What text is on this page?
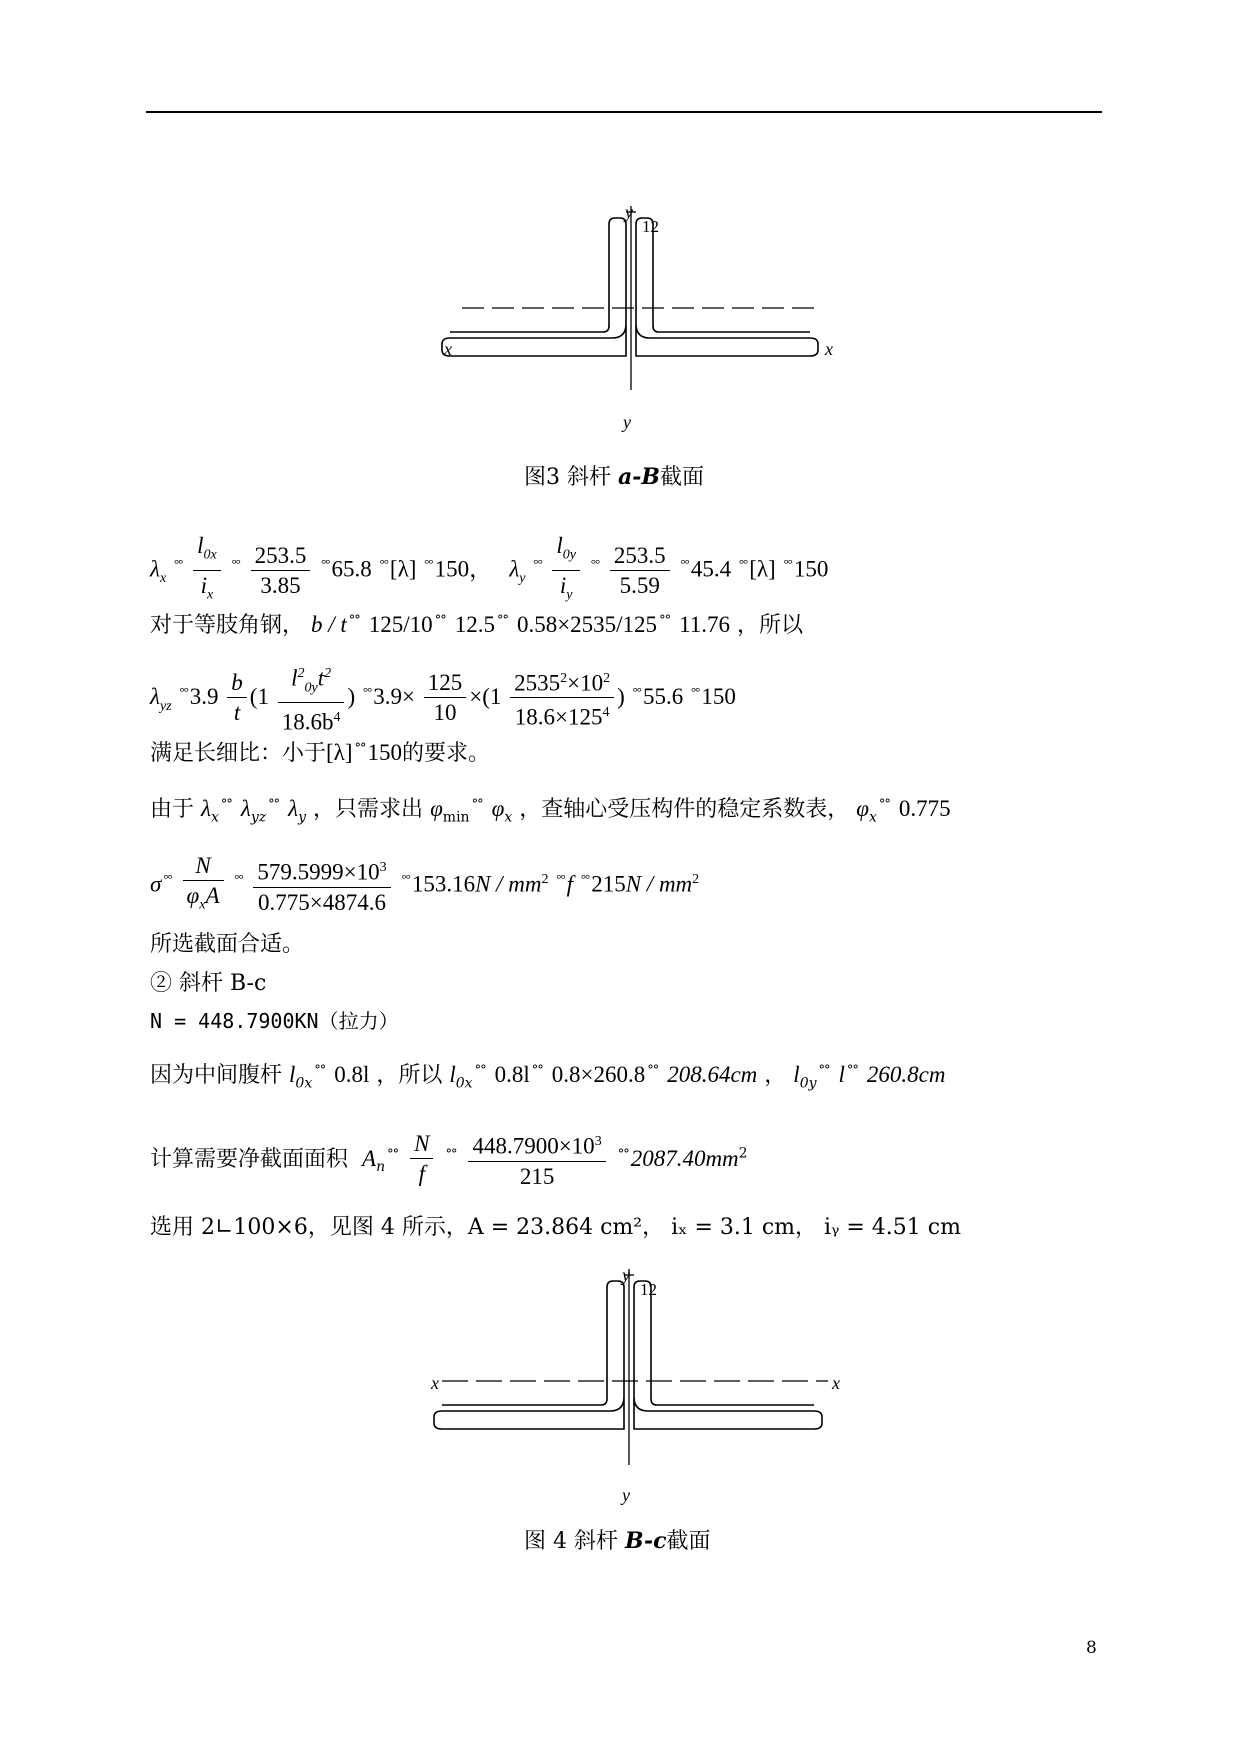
y
y
x	x
12
图3 斜杆 a-B截面
$\lambda_x$ $^{^\circ^\circ} \frac{l_{0x}}{i_x} ^{^\circ^\circ} \frac{253.5}{3.85} ^{^\circ^\circ}65.8$ °°[λ] °°150， $\lambda_y$ $^{^\circ^\circ} \frac{l_{0y}}{i_y} ^{^\circ^\circ} \frac{253.5}{5.59} ^{^\circ^\circ}45.4$ °°[λ] °°150
对于等肢角钢， b / t °° 125/10 °° 12.5 °° 0.58×2535/125 °° 11.76 ，所以
$\lambda_{yz}$ $^{^\circ^\circ}3.9 \frac{b}{t} (1 \frac{l^2_{0y}t^2}{18.6b^4}$ ) $^{^\circ^\circ}3.9\times \frac{125}{10} \times(1 \frac{2535^2\times 10^2}{18.6\times 125^4}$ ) °°55.6 °°150
满足长细比：小于[λ] °°150的要求。
由于 $\lambda_x^{^\circ^\circ}$ $\lambda_{yz}^{^\circ^\circ}$ $\lambda_y$ ，只需求出 $\varphi_{min}^{^\circ^\circ}$ $\varphi_x$ ，查轴心受压构件的稳定系数表， $\varphi_x^{^\circ^\circ}$ 0.775
σ $^{^\circ^\circ} \frac{N}{\varphi_xA} ^{^\circ^\circ} \frac{579.5999\times 10^3}{0.775\times 4874.6} ^{^\circ^\circ}153.16N / mm^2$ °°f $^{^\circ^\circ}215N / mm^2$
所选截面合适。
② 斜杆 B-c
N = 448.7900KN（拉力）
因为中间腹杆 $l_{0x}^{^\circ^\circ}$ 0.8l ，所以 $l_{0x}^{^\circ^\circ}$ 0.8l °° 0.8×260.8 °° 208.64cm ， $l_{0y}^{^\circ^\circ}$ l °° 260.8cm
计算需要净截面面积 $A_n^{^\circ^\circ} \frac{N}{f} ^{^\circ^\circ} \frac{448.7900\times 10^3}{215} ^{^\circ^\circ}2087.40mm^2$
选用 2∟100×6，见图 4 所示，A = 23.864 cm²， iₓ = 3.1 cm， iᵧ = 4.51 cm
y
y
x	x
12
图 4 斜杆 B-c截面
8
